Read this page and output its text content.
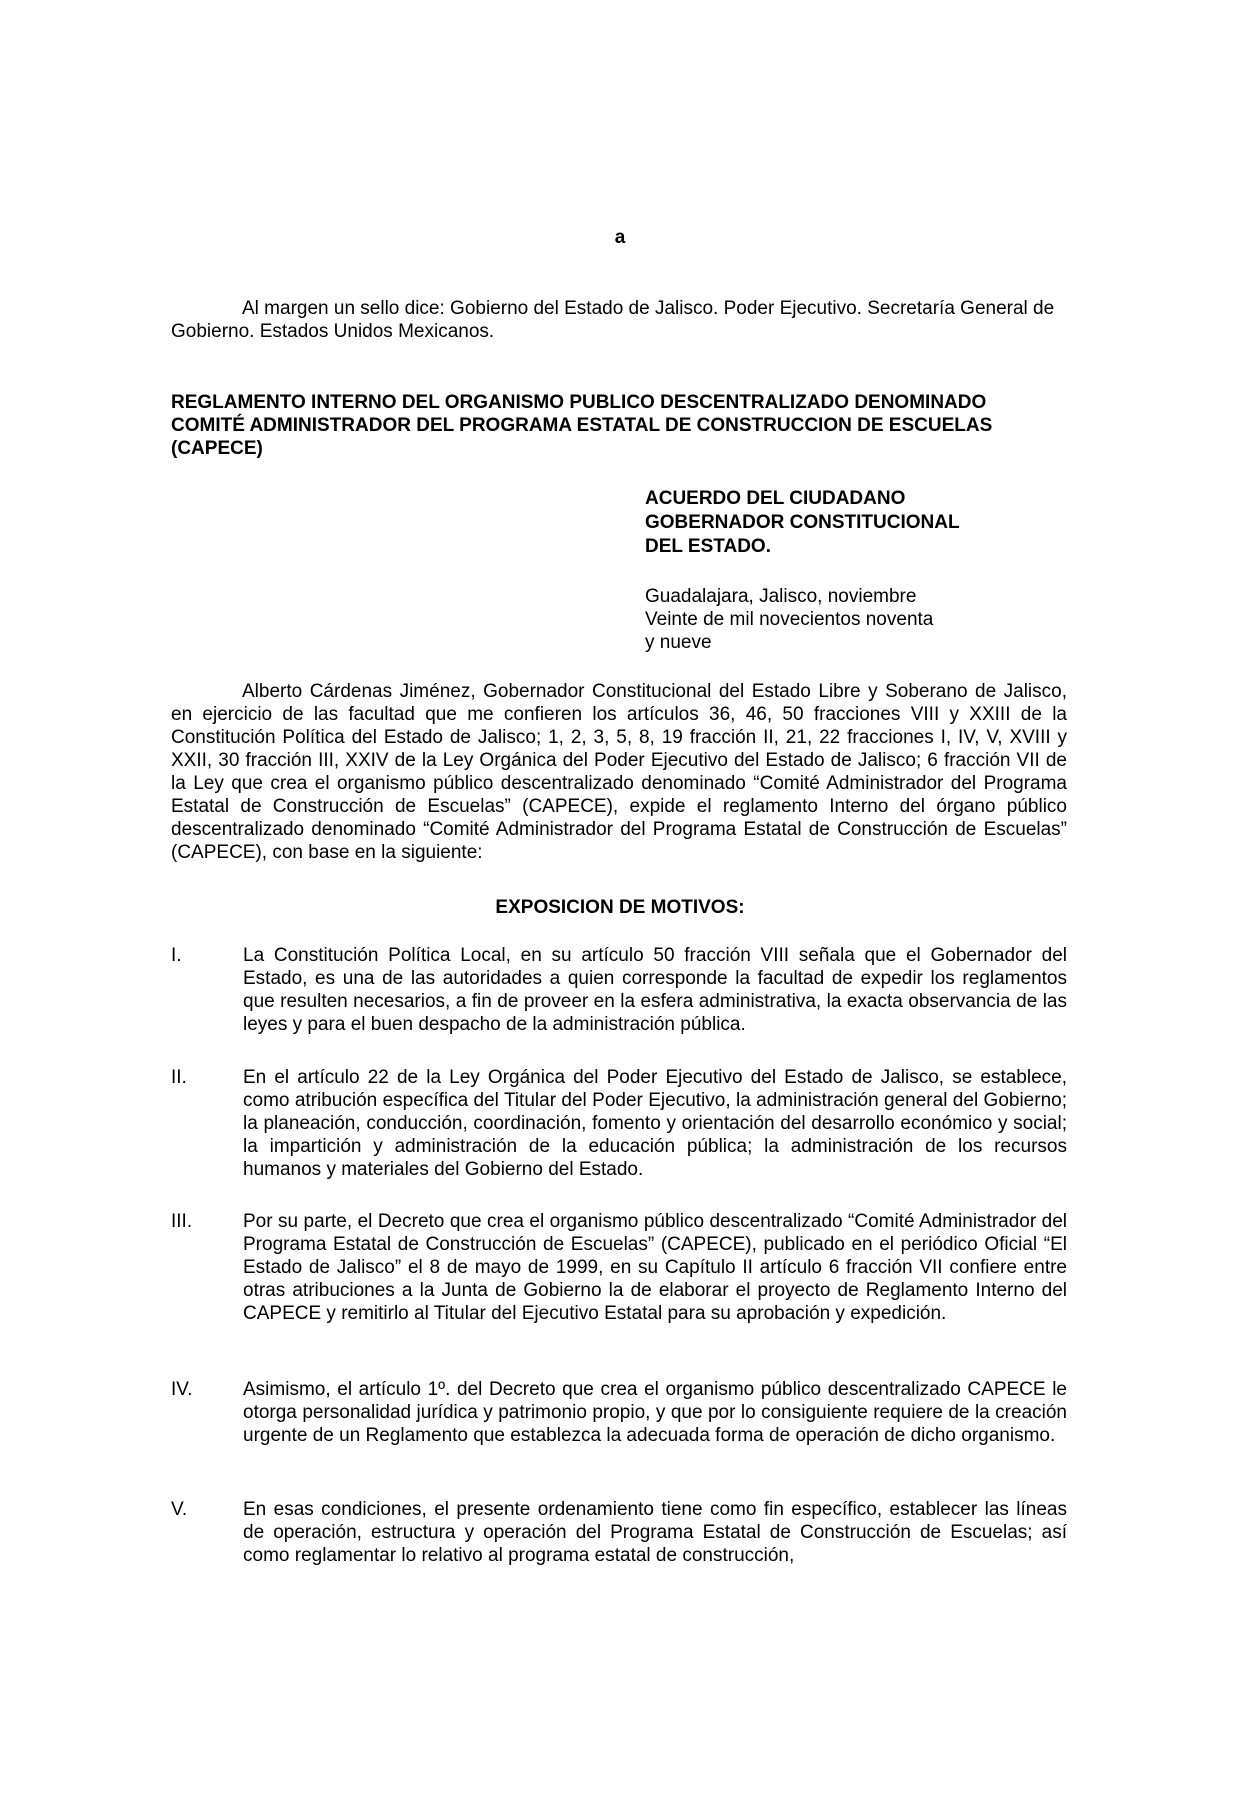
a

Al margen un sello dice: Gobierno del Estado de Jalisco. Poder Ejecutivo. Secretaría General de Gobierno. Estados Unidos Mexicanos.

REGLAMENTO INTERNO DEL ORGANISMO PUBLICO DESCENTRALIZADO DENOMINADO
COMITÉ ADMINISTRADOR DEL PROGRAMA ESTATAL DE CONSTRUCCION DE ESCUELAS
(CAPECE)
ACUERDO DEL CIUDADANO
GOBERNADOR CONSTITUCIONAL
DEL ESTADO.
Guadalajara, Jalisco, noviembre
Veinte de mil novecientos noventa
y nueve

Alberto Cárdenas Jiménez, Gobernador Constitucional del Estado Libre y Soberano de Jalisco, en ejercicio de las facultad que me confieren los artículos 36, 46, 50 fracciones VIII y XXIII de la Constitución Política del Estado de Jalisco; 1, 2, 3, 5, 8, 19 fracción II, 21, 22 fracciones I, IV, V, XVIII y XXII, 30 fracción III, XXIV de la Ley Orgánica del Poder Ejecutivo del Estado de Jalisco; 6 fracción VII de la Ley que crea el organismo público descentralizado denominado “Comité Administrador del Programa Estatal de Construcción de Escuelas” (CAPECE), expide el reglamento Interno del órgano público descentralizado denominado “Comité Administrador del Programa Estatal de Construcción de Escuelas” (CAPECE), con base en la siguiente:

EXPOSICION DE MOTIVOS:
I.	La Constitución Política Local, en su artículo 50 fracción VIII señala que el Gobernador del Estado, es una de las autoridades a quien corresponde la facultad de expedir los reglamentos que resulten necesarios, a fin de proveer en la esfera administrativa, la exacta observancia de las leyes y para el buen despacho de la administración pública.
II.	En el artículo 22 de la Ley Orgánica del Poder Ejecutivo del Estado de Jalisco, se establece, como atribución específica del Titular del Poder Ejecutivo, la administración general del Gobierno; la planeación, conducción, coordinación, fomento y orientación del desarrollo económico y social; la impartición y administración de la educación pública; la administración de los recursos humanos y materiales del Gobierno del Estado.
III.	Por su parte, el Decreto que crea el organismo público descentralizado “Comité Administrador del Programa Estatal de Construcción de Escuelas” (CAPECE), publicado en el periódico Oficial “El Estado de Jalisco” el 8 de mayo de 1999, en su Capítulo II artículo 6 fracción VII confiere entre otras atribuciones a la Junta de Gobierno la de elaborar el proyecto de Reglamento Interno del CAPECE y remitirlo al Titular del Ejecutivo Estatal para su aprobación y expedición.
IV.	Asimismo, el artículo 1º. del Decreto que crea el organismo público descentralizado CAPECE le otorga personalidad jurídica y patrimonio propio, y que por lo consiguiente requiere de la creación urgente de un Reglamento que establezca la adecuada forma de operación de dicho organismo.
V.	En esas condiciones, el presente ordenamiento tiene como fin específico, establecer las líneas de operación, estructura y operación del Programa Estatal de Construcción de Escuelas; así como reglamentar lo relativo al programa estatal de construcción,
